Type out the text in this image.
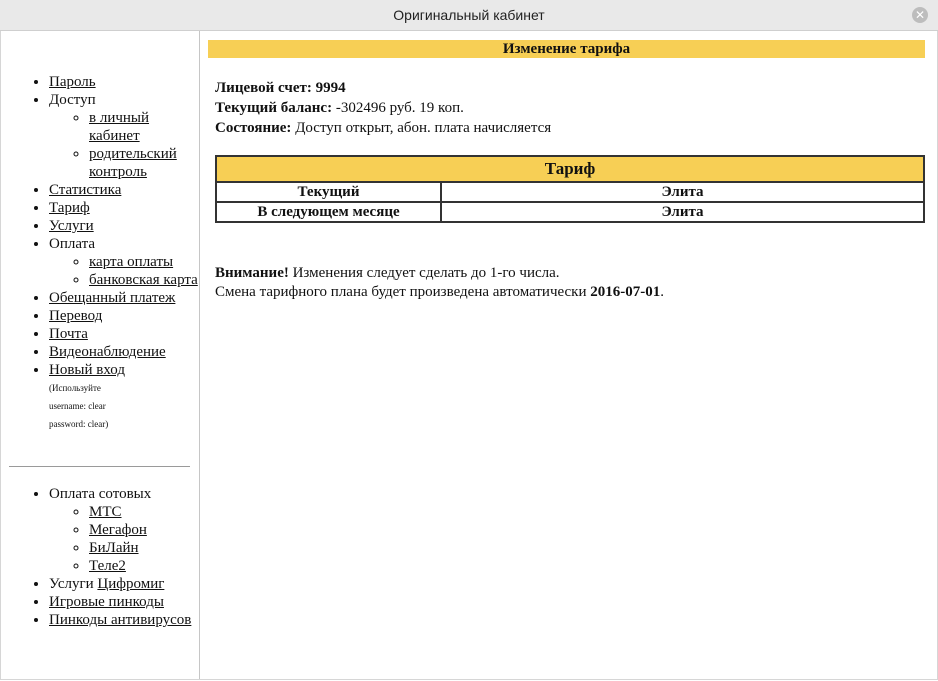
Оригинальный кабинет	✕
• Пароль
• Доступ
◦ в личный кабинет
◦ родительский контроль
• Статистика
• Тариф
• Услуги
• Оплата
◦ карта оплаты
◦ банковская карта
• Обещанный платеж
• Перевод
• Почта
• Видеонаблюдение
• Новый вход
(Используйте
username: clear
password: clear)
• Оплата сотовых
◦ МТС
◦ Мегафон
◦ БиЛайн
◦ Теле2
• Услуги Цифромиг
• Игровые пинкоды
• Пинкоды антивирусов
Изменение тарифа
Лицевой счет: 9994
Текущий баланс: -302496 руб. 19 коп.
Состояние: Доступ открыт, абон. плата начисляется
Тариф	
Текущий	Элита
В следующем месяце	Элита
Внимание! Изменения следует сделать до 1-го числа.
Смена тарифного плана будет произведена автоматически 2016-07-01.
